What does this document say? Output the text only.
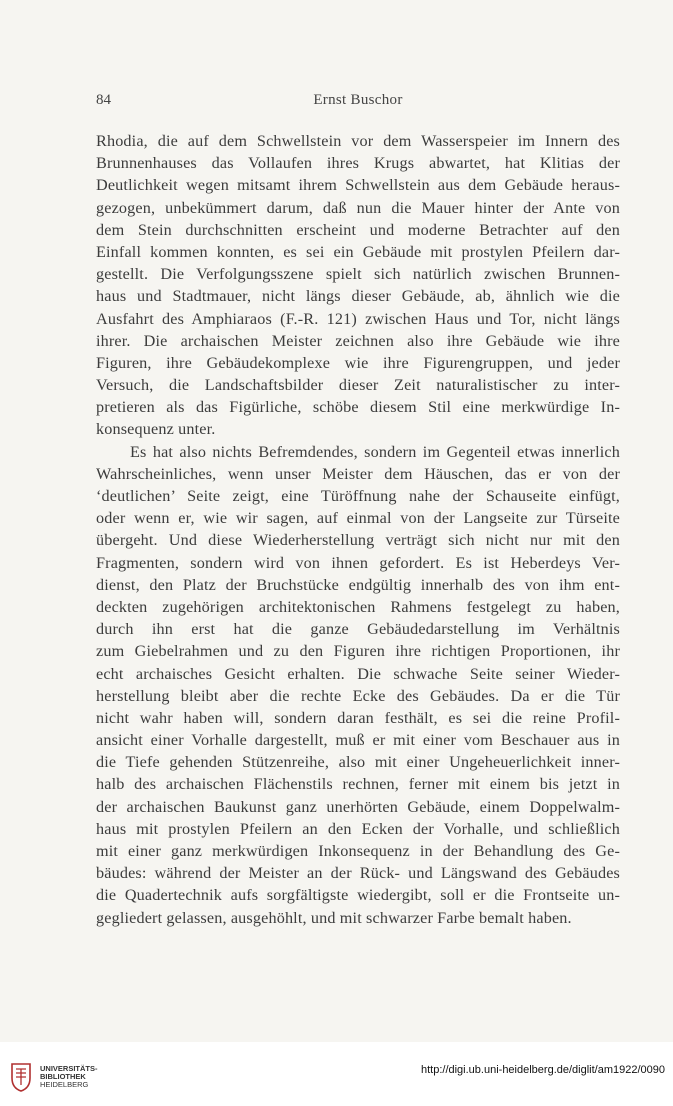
84	Ernst Buschor
Rhodia, die auf dem Schwellstein vor dem Wasserspeier im Innern des
Brunnenhauses das Vollaufen ihres Krugs abwartet, hat Klitias der
Deutlichkeit wegen mitsamt ihrem Schwellstein aus dem Gebäude heraus-
gezogen, unbekümmert darum, daß nun die Mauer hinter der Ante von
dem Stein durchschnitten erscheint und moderne Betrachter auf den
Einfall kommen konnten, es sei ein Gebäude mit prostylen Pfeilern dar-
gestellt. Die Verfolgungsszene spielt sich natürlich zwischen Brunnen-
haus und Stadtmauer, nicht längs dieser Gebäude, ab, ähnlich wie die
Ausfahrt des Amphiaraos (F.-R. 121) zwischen Haus und Tor, nicht längs
ihrer. Die archaischen Meister zeichnen also ihre Gebäude wie ihre
Figuren, ihre Gebäudekomplexe wie ihre Figurengruppen, und jeder
Versuch, die Landschaftsbilder dieser Zeit naturalistischer zu inter-
pretieren als das Figürliche, schöbe diesem Stil eine merkwürdige In-
konsequenz unter.
Es hat also nichts Befremdendes, sondern im Gegenteil etwas innerlich
Wahrscheinliches, wenn unser Meister dem Häuschen, das er von der
‘deutlichen’ Seite zeigt, eine Türöffnung nahe der Schauseite einfügt,
oder wenn er, wie wir sagen, auf einmal von der Langseite zur Türseite
übergeht. Und diese Wiederherstellung verträgt sich nicht nur mit den
Fragmenten, sondern wird von ihnen gefordert. Es ist Heberdeys Ver-
dienst, den Platz der Bruchstücke endgültig innerhalb des von ihm ent-
deckten zugehörigen architektonischen Rahmens festgelegt zu haben,
durch ihn erst hat die ganze Gebäudedarstellung im Verhältnis
zum Giebelrahmen und zu den Figuren ihre richtigen Proportionen, ihr
echt archaisches Gesicht erhalten. Die schwache Seite seiner Wieder-
herstellung bleibt aber die rechte Ecke des Gebäudes. Da er die Tür
nicht wahr haben will, sondern daran festhält, es sei die reine Profil-
ansicht einer Vorhalle dargestellt, muß er mit einer vom Beschauer aus in
die Tiefe gehenden Stützenreihe, also mit einer Ungeheuerlichkeit inner-
halb des archaischen Flächenstils rechnen, ferner mit einem bis jetzt in
der archaischen Baukunst ganz unerhörten Gebäude, einem Doppelwalm-
haus mit prostylen Pfeilern an den Ecken der Vorhalle, und schließlich
mit einer ganz merkwürdigen Inkonsequenz in der Behandlung des Ge-
bäudes: während der Meister an der Rück- und Längswand des Gebäudes
die Quadertechnik aufs sorgfältigste wiedergibt, soll er die Frontseite un-
gegliedert gelassen, ausgehöhlt, und mit schwarzer Farbe bemalt haben.
UNIVERSITÄTS-
BIBLIOTHEK
HEIDELBERG
http://digi.ub.uni-heidelberg.de/diglit/am1922/0090
